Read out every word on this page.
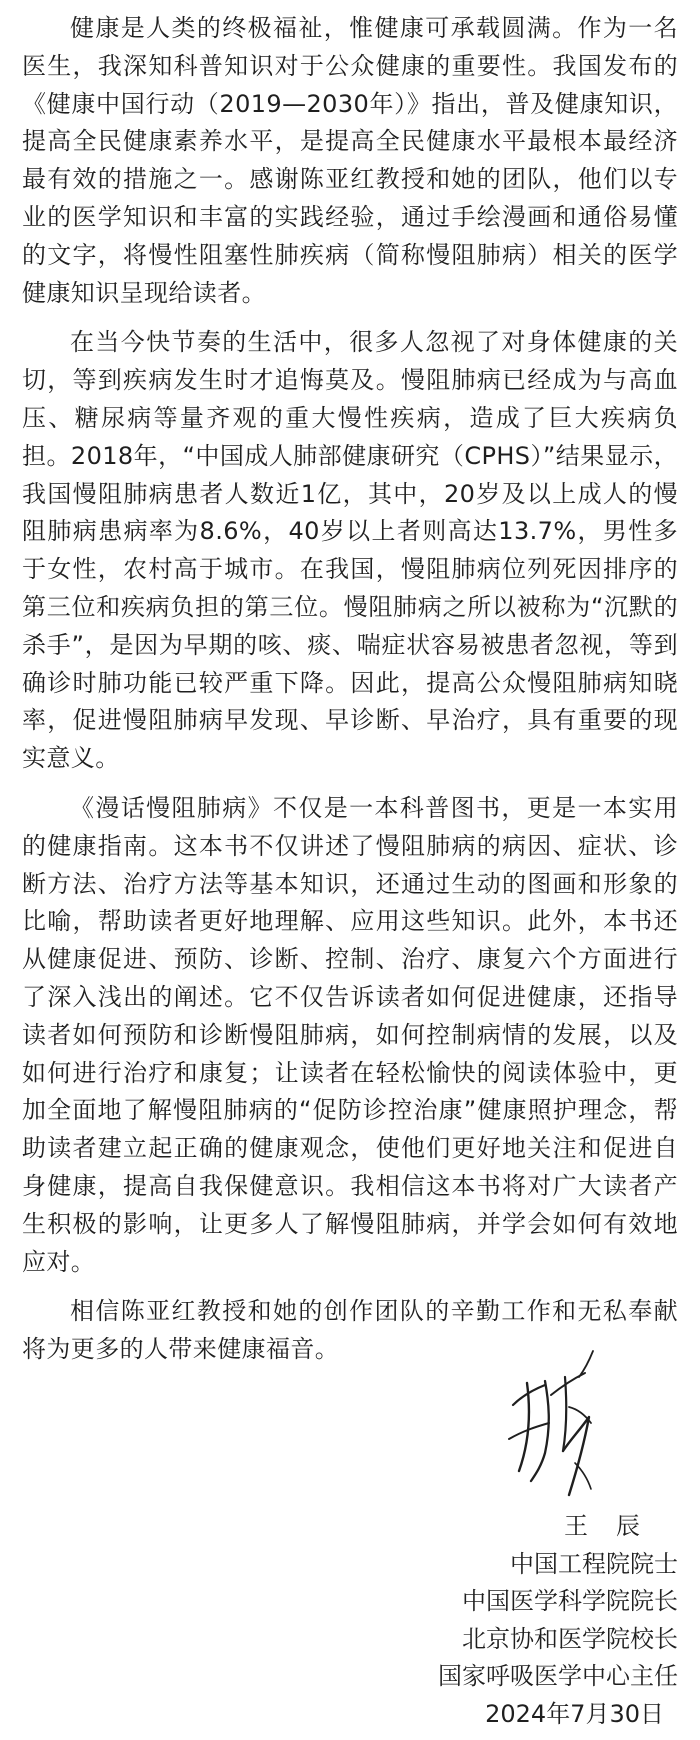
健康是人类的终极福祉，惟健康可承载圆满。作为一名医生，我深知科普知识对于公众健康的重要性。我国发布的《健康中国行动（2019—2030年）》指出，普及健康知识，提高全民健康素养水平，是提高全民健康水平最根本最经济最有效的措施之一。感谢陈亚红教授和她的团队，他们以专业的医学知识和丰富的实践经验，通过手绘漫画和通俗易懂的文字，将慢性阻塞性肺疾病（简称慢阻肺病）相关的医学健康知识呈现给读者。

在当今快节奏的生活中，很多人忽视了对身体健康的关切，等到疾病发生时才追悔莫及。慢阻肺病已经成为与高血压、糖尿病等量齐观的重大慢性疾病，造成了巨大疾病负担。2018年，“中国成人肺部健康研究（CPHS）”结果显示，我国慢阻肺病患者人数近1亿，其中，20岁及以上成人的慢阻肺病患病率为8.6%，40岁以上者则高达13.7%，男性多于女性，农村高于城市。在我国，慢阻肺病位列死因排序的第三位和疾病负担的第三位。慢阻肺病之所以被称为“沉默的杀手”，是因为早期的咳、痰、喘症状容易被患者忽视，等到确诊时肺功能已较严重下降。因此，提高公众慢阻肺病知晓率，促进慢阻肺病早发现、早诊断、早治疗，具有重要的现实意义。

《漫话慢阻肺病》不仅是一本科普图书，更是一本实用的健康指南。这本书不仅讲述了慢阻肺病的病因、症状、诊断方法、治疗方法等基本知识，还通过生动的图画和形象的比喻，帮助读者更好地理解、应用这些知识。此外，本书还从健康促进、预防、诊断、控制、治疗、康复六个方面进行了深入浅出的阐述。它不仅告诉读者如何促进健康，还指导读者如何预防和诊断慢阻肺病，如何控制病情的发展，以及如何进行治疗和康复；让读者在轻松愉快的阅读体验中，更加全面地了解慢阻肺病的“促防诊控治康”健康照护理念，帮助读者建立起正确的健康观念，使他们更好地关注和促进自身健康，提高自我保健意识。我相信这本书将对广大读者产生积极的影响，让更多人了解慢阻肺病，并学会如何有效地应对。

相信陈亚红教授和她的创作团队的辛勤工作和无私奉献将为更多的人带来健康福音。

王 辰
中国工程院院士
中国医学科学院院长
北京协和医学院校长
国家呼吸医学中心主任
2024年7月30日
